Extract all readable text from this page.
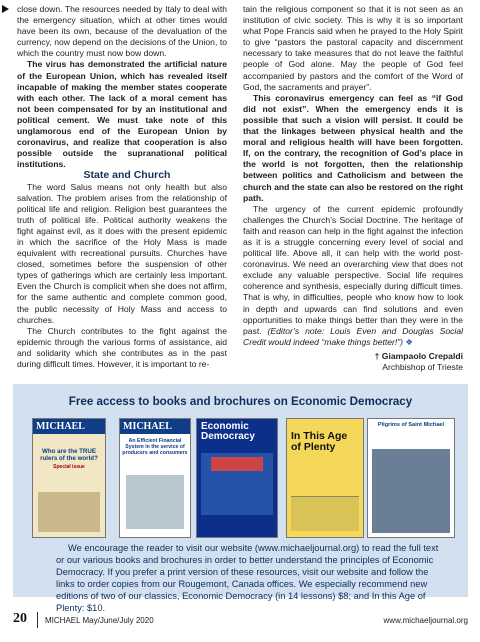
close down. The resources needed by Italy to deal with the emergency situation, which at other times would have been its own, because of the devaluation of the currency, now depend on the decisions of the Union, to which the country must now bow down.

The virus has demonstrated the artificial nature of the European Union, which has revealed itself incapable of making the member states cooperate with each other. The lack of a moral cement has not been compensated for by an institutional and political cement. We must take note of this unglamorous end of the European Union by coronavirus, and realize that cooperation is also possible outside the supranational political institutions.

State and Church

The word Salus means not only health but also salvation. The problem arises from the relationship of political life and religion. Religion best guarantees the truth of political life. Political authority weakens the fight against evil, as it does with the present epidemic in which the sacrifice of the Holy Mass is made equivalent with recreational pursuits. Churches have closed, sometimes before the suspension of other types of gatherings which are certainly less important. Even the Church is complicit when she does not affirm, for the same authentic and complete common good, the public necessity of Holy Mass and access to churches.

The Church contributes to the fight against the epidemic through the various forms of assistance, aid and solidarity which she contributes as in the past during difficult times. However, it is important to re-

tain the religious component so that it is not seen as an institution of civic society. This is why it is so important what Pope Francis said when he prayed to the Holy Spirit to give “pastors the pastoral capacity and discernment necessary to take measures that do not leave the faithful people of God alone. May the people of God feel accompanied by pastors and the comfort of the Word of God, the sacraments and prayer”.

This coronavirus emergency can feel as “if God did not exist”. When the emergency ends it is possible that such a vision will persist. It could be that the linkages between physical health and the moral and religious health will have been forgotten. If, on the contrary, the recognition of God’s place in the world is not forgotten, then the relationship between politics and Catholicism and between the church and the state can also be restored on the right path.

The urgency of the current epidemic profoundly challenges the Church’s Social Doctrine. The heritage of faith and reason can help in the fight against the infection as it is a struggle concerning every level of social and political life. Above all, it can help with the world post-coronavirus. We need an overarching view that does not exclude any valuable perspective. Social life requires coherence and synthesis, especially during difficult times. That is why, in difficulties, people who know how to look in depth and upwards can find solutions and even opportunities to make things better than they were in the past. (Editor’s note: Louis Even and Douglas Social Credit would indeed “make things better!”) ❖

† Giampaolo Crepaldi
Archbishop of Trieste
Free access to books and brochures on Economic Democracy
MICHAEL
Who are the TRUE rulers of the world?
Special issue
MICHAEL
An Efficient Financial System in the service of producers and consumers
Economic Democracy	In This Age of Plenty
Pilgrims of Saint Michael

We encourage the reader to visit our website (www.michaeljournal.org) to read the full text or our various books and brochures in order to better understand the principles of Economic Democracy. If you prefer a print version of these resources, visit our website and follow the links to order copies from our Rougemont, Canada offices. We especially recommend new editions of two of our classics, Economic Democracy (in 14 lessons) $8; and In this Age of Plenty: $10.

20 MICHAEL May/June/July 2020	www.michaeljournal.org
